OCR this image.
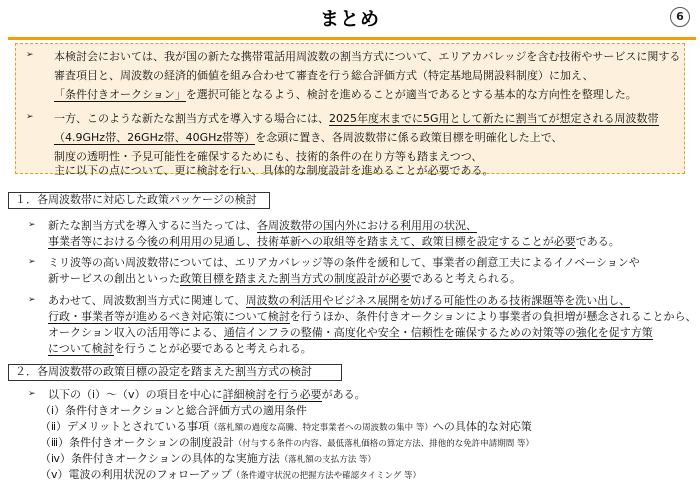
まとめ	6
➢ 本検討会においては、我が国の新たな携帯電話用周波数の割当方式について、エリアカバレッジを含む技術やサービスに関する
審査項目と、周波数の経済的価値を組み合わせて審査を行う総合評価方式（特定基地局開設料制度）に加え、
「条件付きオークション」を選択可能となるよう、検討を進めることが適当であるとする基本的な方向性を整理した。
➢ 一方、このような新たな割当方式を導入する場合には、2025年度末までに5G用として新たに割当てが想定される周波数帯
（4.9GHz帯、26GHz帯、40GHz帯等）を念頭に置き、各周波数帯に係る政策目標を明確化した上で、
制度の透明性・予見可能性を確保するためにも、技術的条件の在り方等も踏まえつつ、
主に以下の点について、更に検討を行い、具体的な制度設計を進めることが必要である。
１．各周波数帯に対応した政策パッケージの検討
➢ 新たな割当方式を導入するに当たっては、各周波数帯の国内外における利用用の状況、
事業者等における今後の利用用の見通し、技術革新への取組等を踏まえて、政策目標を設定することが必要である。
➢ ミリ波等の高い周波数帯については、エリアカバレッジ等の条件を緩和して、事業者の創意工夫によるイノベーションや
新サービスの創出といった政策目標を踏まえた割当方式の制度設計が必要であると考えられる。
➢ あわせて、周波数割当方式に関連して、周波数の利活用やビジネス展開を妨げる可能性のある技術課題等を洗い出し、
行政・事業者等が進めるべき対応策について検討を行うほか、条件付きオークションにより事業者の負担増が懸念されることから、
オークション収入の活用等による、通信インフラの整備・高度化や安全・信頼性を確保するための対策等の強化を促す方策
について検討を行うことが必要であると考えられる。
２．各周波数帯の政策目標の設定を踏まえた割当方式の検討
➢ 以下の（ⅰ）～（ⅴ）の項目を中心に詳細検討を行う必要がある。
（ⅰ）条件付きオークションと総合評価方式の適用条件
（ⅱ）デメリットとされている事項（落札額の過度な高騰、特定事業者への周波数の集中 等）への具体的な対応策
（ⅲ）条件付きオークションの制度設計（付与する条件の内容、最低落札価格の算定方法、排他的な免許申請期間 等）
（ⅳ）条件付きオークションの具体的な実施方法（落札額の支払方法 等）
（ⅴ）電波の利用状況のフォローアップ（条件遵守状況の把握方法や確認タイミング 等）
